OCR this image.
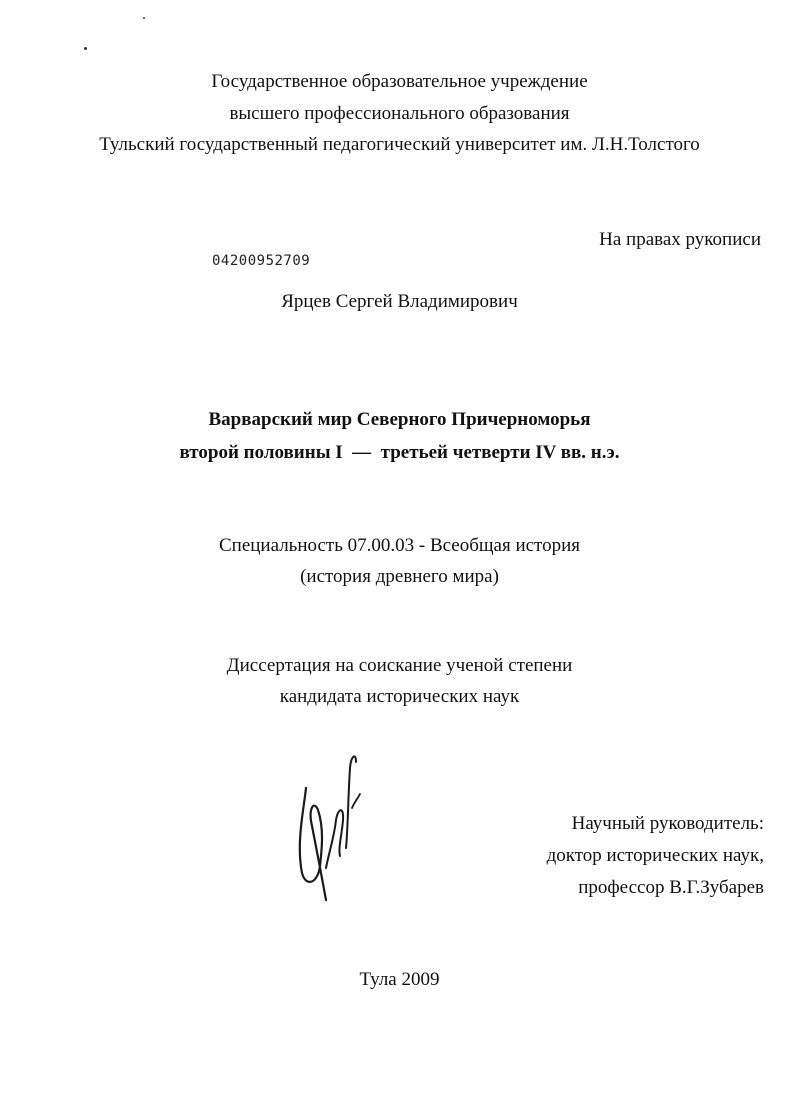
Государственное образовательное учреждение
высшего профессионального образования
Тульский государственный педагогический университет им. Л.Н.Толстого
На правах рукописи
04200952709
Ярцев Сергей Владимирович
Варварский мир Северного Причерноморья
второй половины I  —  третьей четверти IV вв. н.э.
Специальность 07.00.03 - Всеобщая история
(история древнего мира)
Диссертация на соискание ученой степени
кандидата исторических наук
Научный руководитель:
доктор исторических наук,
профессор В.Г.Зубарев
Тула 2009
